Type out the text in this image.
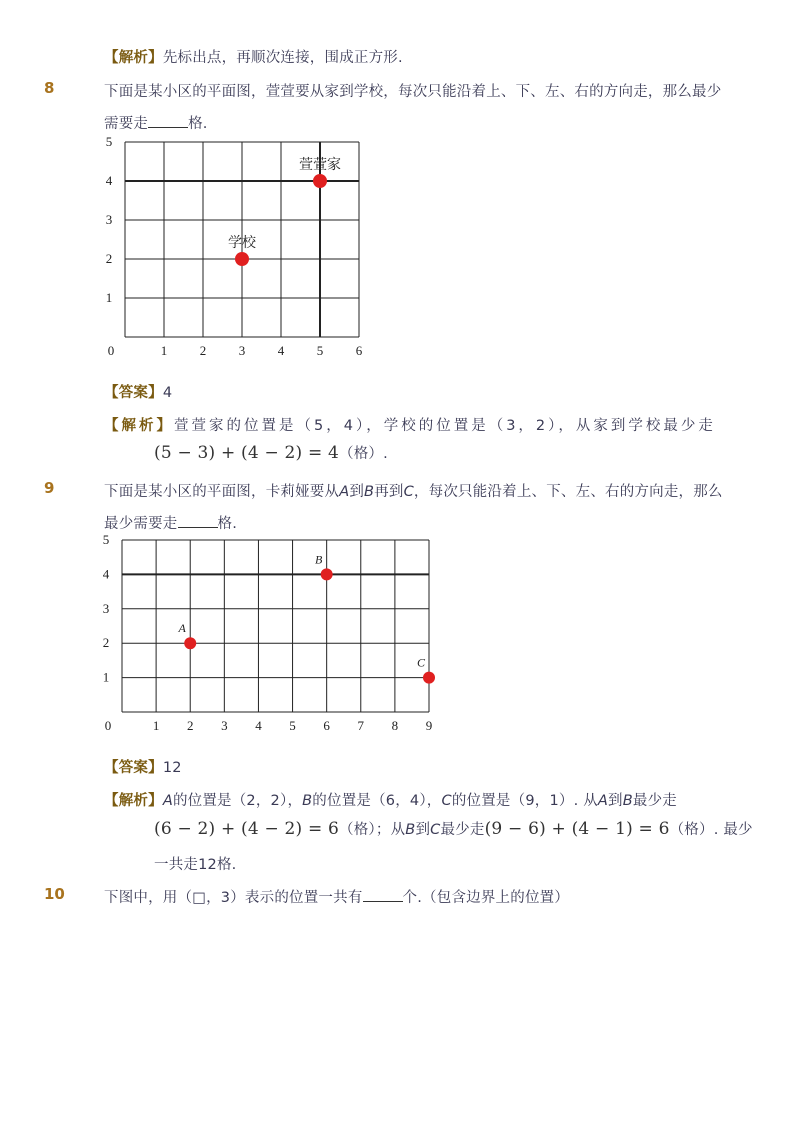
【解析】先标出点，再顺次连接，围成正方形.
8	下面是某小区的平面图，萱萱要从家到学校，每次只能沿着上、下、左、右的方向走，那么最少
需要走	格.
0	1	2	3	4	5	6
1
2
3
4
5
萱萱家
学校
【答案】4
【解析】萱萱家的位置是（5，4），学校的位置是（3，2），从家到学校最少走
(5 − 3) + (4 − 2) = 4（格）.
9	下面是某小区的平面图，卡莉娅要从A到B再到C，每次只能沿着上、下、左、右的方向走，那么
最少需要走	格.
0	1 2 3 4 5 6 7 8 9
1
2
3
4
5
A
B
C
【答案】12
【解析】A的位置是（2，2），B的位置是（6，4），C的位置是（9，1）. 从A到B最少走
(6 − 2) + (4 − 2) = 6（格）；从B到C最少走(9 − 6) + (4 − 1) = 6（格）. 最少
一共走12格.
10	下图中，用（□，3）表示的位置一共有	个.（包含边界上的位置）
